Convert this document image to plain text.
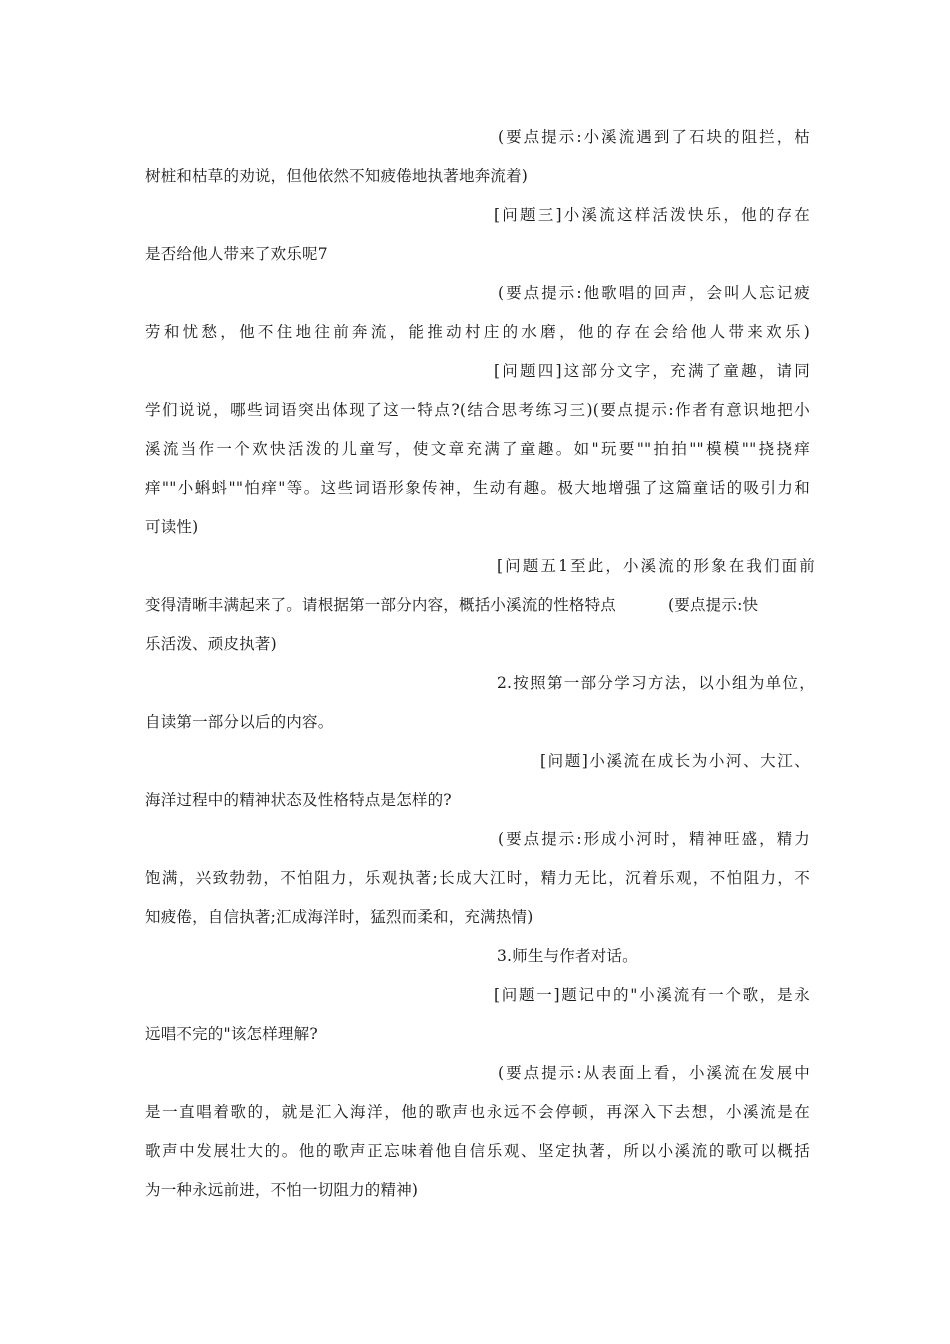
(要点提示:小溪流遇到了石块的阻拦，枯
树桩和枯草的劝说，但他依然不知疲倦地执著地奔流着)
[问题三]小溪流这样活泼快乐，他的存在
是否给他人带来了欢乐呢7
(要点提示:他歌唱的回声，会叫人忘记疲
劳和忧愁，他不住地往前奔流，能推动村庄的水磨，他的存在会给他人带来欢乐)
[问题四]这部分文字，充满了童趣，请同
学们说说，哪些词语突出体现了这一特点?(结合思考练习三)(要点提示:作者有意识地把小
溪流当作一个欢快活泼的儿童写，使文章充满了童趣。如"玩要""拍拍""模模""挠挠痒
痒""小蝌蚪""怕痒"等。这些词语形象传神，生动有趣。极大地增强了这篇童话的吸引力和
可读性)
[问题五1至此，小溪流的形象在我们面前
变得清晰丰满起来了。请根据第一部分内容，概括小溪流的性格特点	(要点提示:快
乐活泼、顽皮执著)
2.按照第一部分学习方法，以小组为单位，
自读第一部分以后的内容。
[问题]小溪流在成长为小河、大江、
海洋过程中的精神状态及性格特点是怎样的?
(要点提示:形成小河时，精神旺盛，精力
饱满，兴致勃勃，不怕阻力，乐观执著;长成大江时，精力无比，沉着乐观，不怕阻力，不
知疲倦，自信执著;汇成海洋时，猛烈而柔和，充满热情)
3.师生与作者对话。
[问题一]题记中的"小溪流有一个歌，是永
远唱不完的"该怎样理解?
(要点提示:从表面上看，小溪流在发展中
是一直唱着歌的，就是汇入海洋，他的歌声也永远不会停顿，再深入下去想，小溪流是在
歌声中发展壮大的。他的歌声正忘味着他自信乐观、坚定执著，所以小溪流的歌可以概括
为一种永远前进，不怕一切阻力的精神)
